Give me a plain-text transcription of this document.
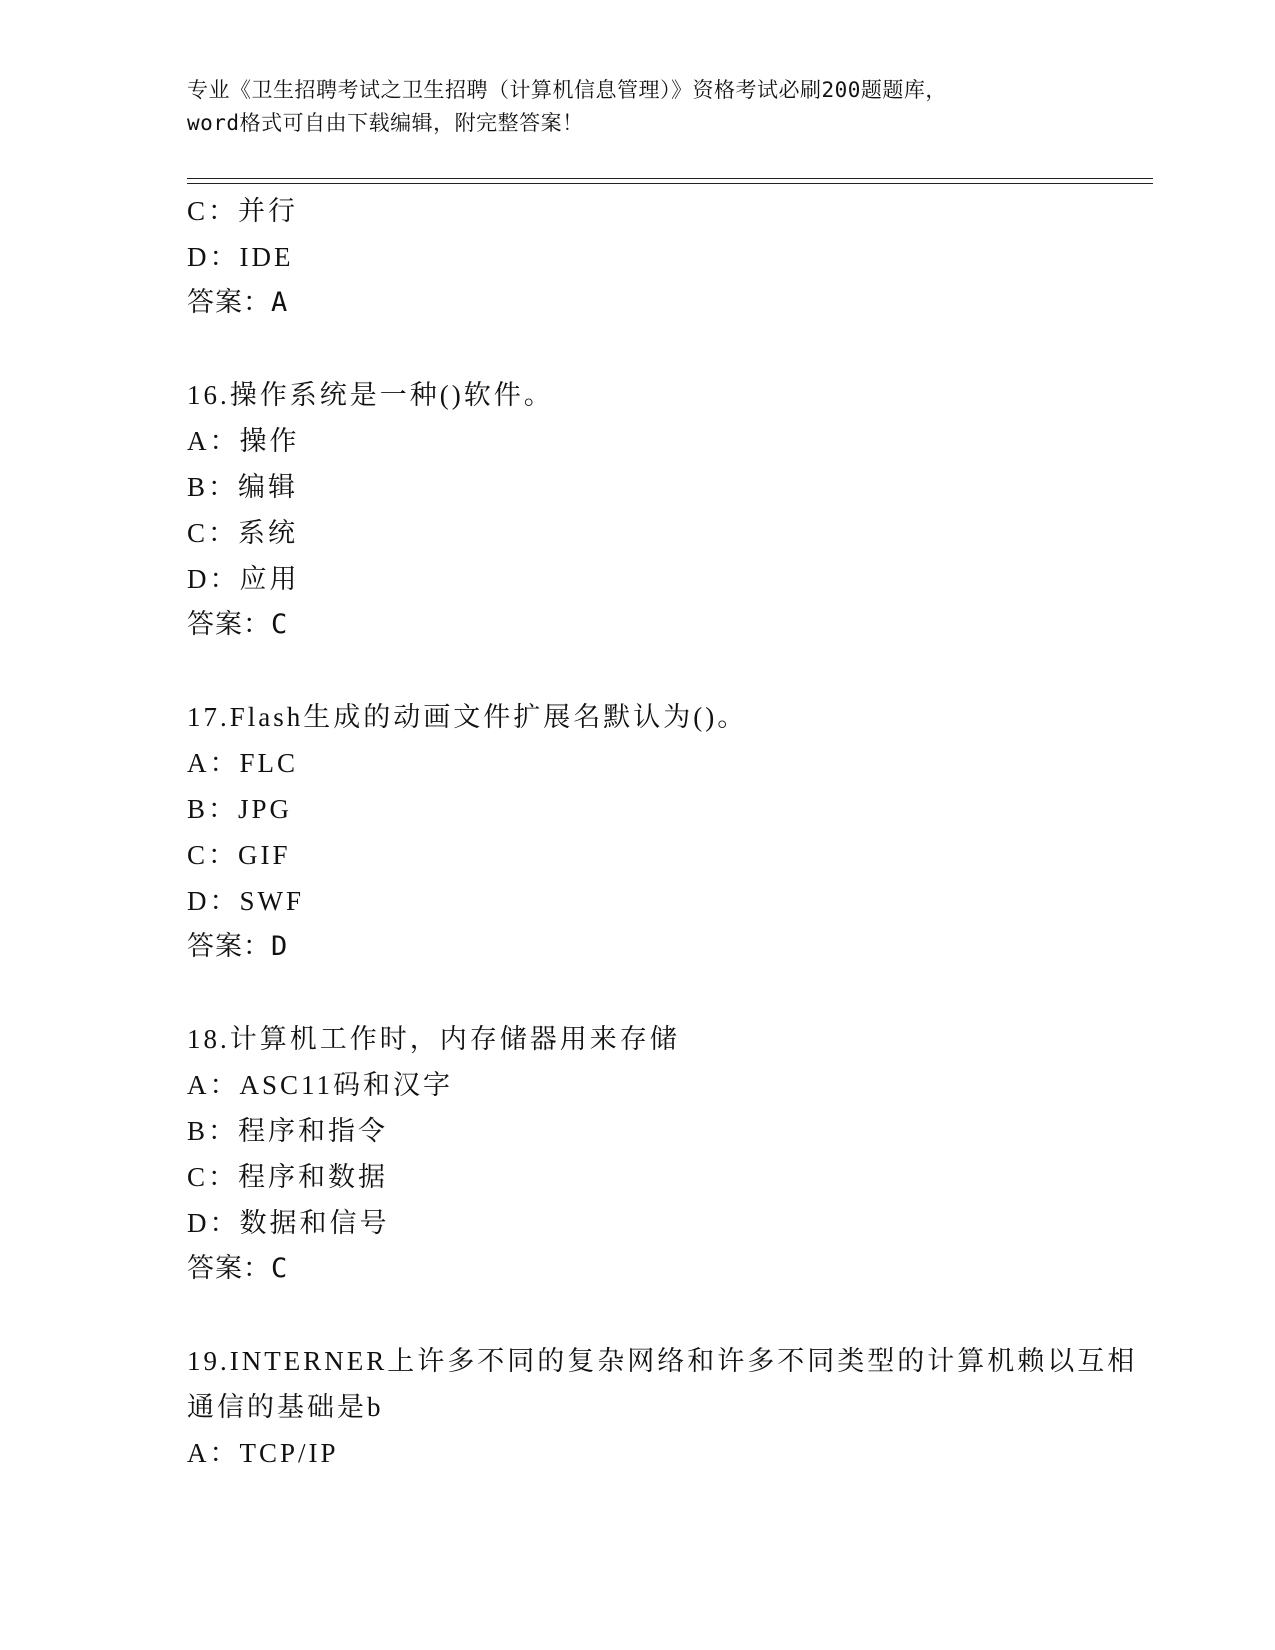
专业《卫生招聘考试之卫生招聘（计算机信息管理）》资格考试必刷200题题库，
word格式可自由下载编辑，附完整答案！
C：并行
D：IDE
答案：A
16.操作系统是一种()软件。
A：操作
B：编辑
C：系统
D：应用
答案：C
17.Flash生成的动画文件扩展名默认为()。
A：FLC
B：JPG
C：GIF
D：SWF
答案：D
18.计算机工作时，内存储器用来存储
A：ASC11码和汉字
B：程序和指令
C：程序和数据
D：数据和信号
答案：C
19.INTERNER上许多不同的复杂网络和许多不同类型的计算机赖以互相
通信的基础是b
A：TCP/IP
